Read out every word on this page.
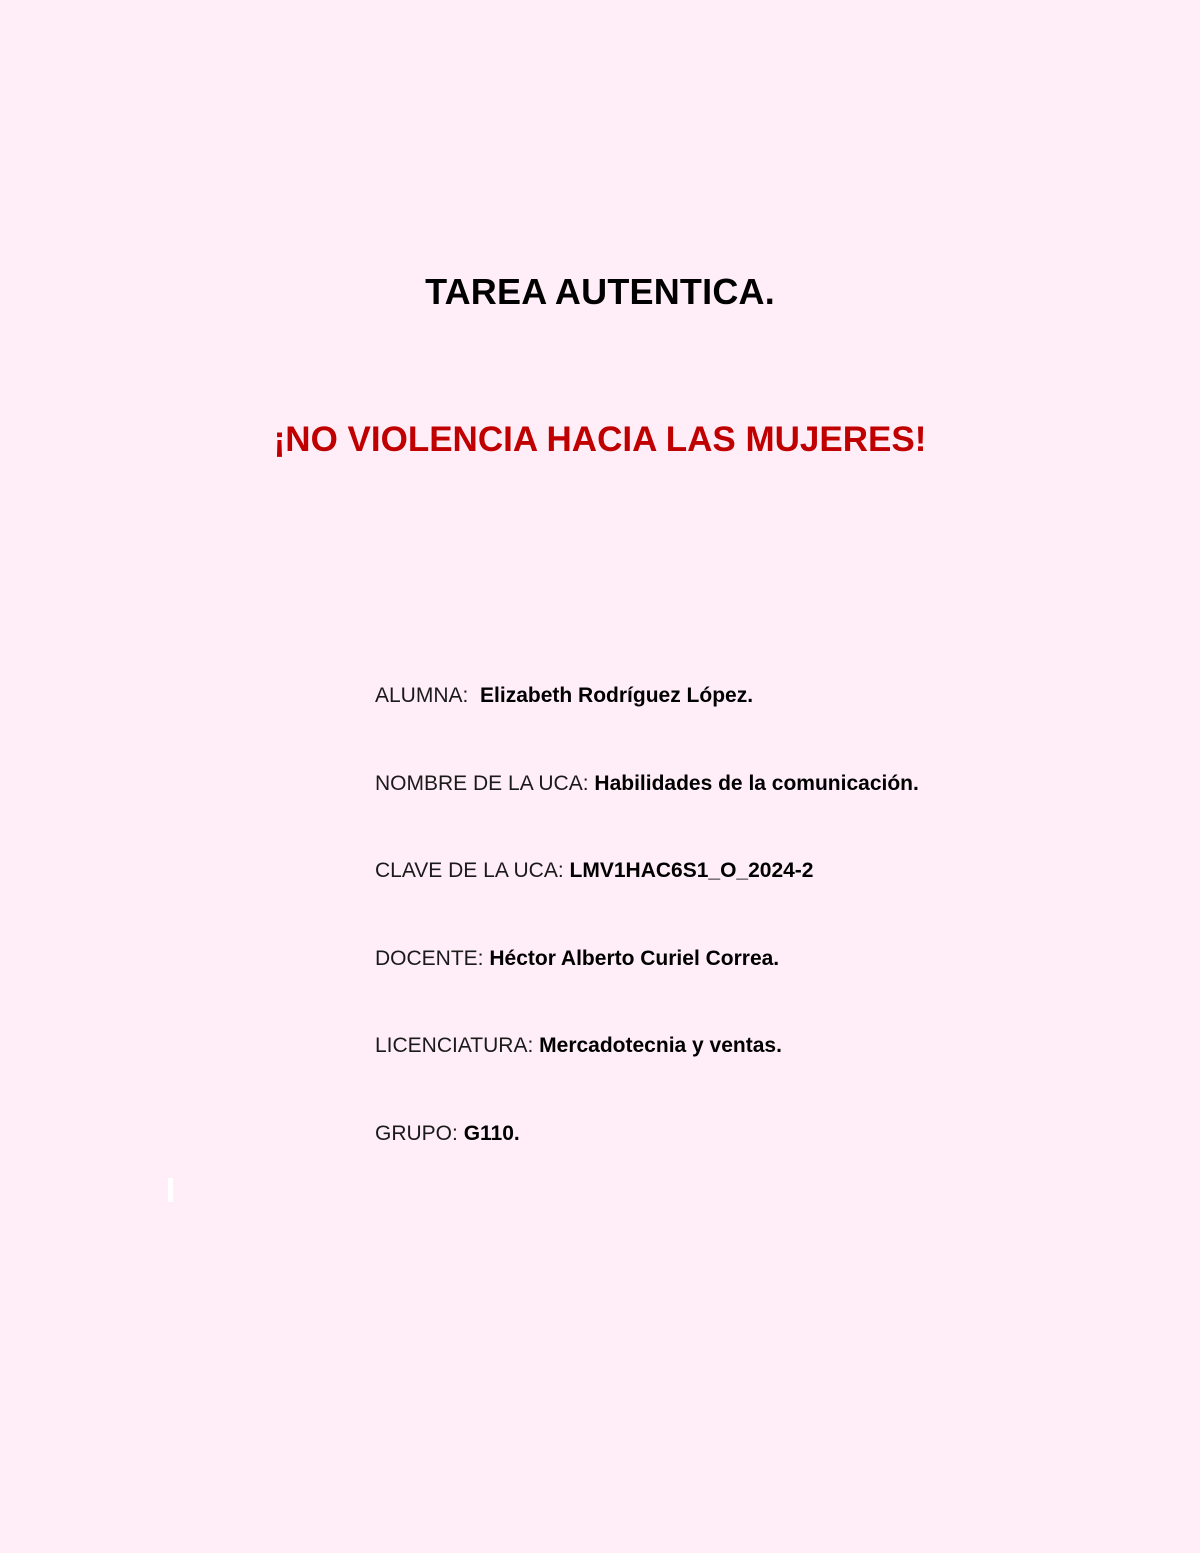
TAREA AUTENTICA.
¡NO VIOLENCIA HACIA LAS MUJERES!
ALUMNA: Elizabeth Rodríguez López.
NOMBRE DE LA UCA: Habilidades de la comunicación.
CLAVE DE LA UCA: LMV1HAC6S1_O_2024-2
DOCENTE: Héctor Alberto Curiel Correa.
LICENCIATURA: Mercadotecnia y ventas.
GRUPO: G110.
